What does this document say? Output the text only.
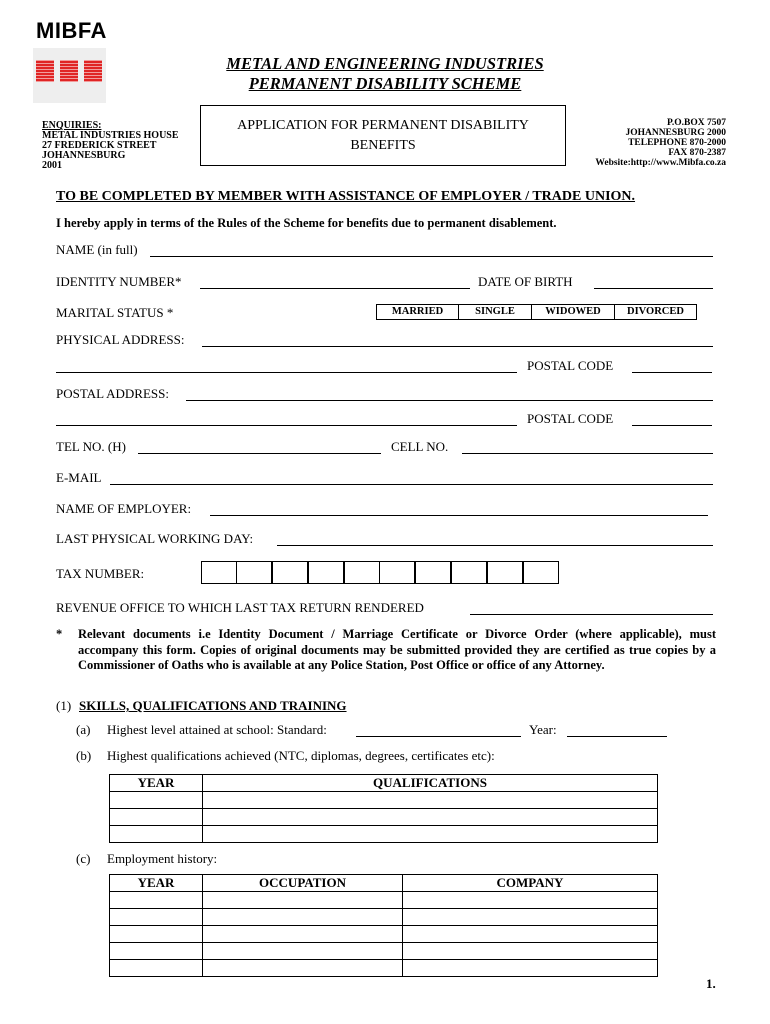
MIBFA
METAL AND ENGINEERING INDUSTRIES
PERMANENT DISABILITY SCHEME
ENQUIRIES:
METAL INDUSTRIES HOUSE
27 FREDERICK STREET
JOHANNESBURG
2001
APPLICATION FOR PERMANENT DISABILITY
BENEFITS
P.O.BOX 7507
JOHANNESBURG 2000
TELEPHONE 870-2000
FAX 870-2387
Website:http://www.Mibfa.co.za
TO BE COMPLETED BY MEMBER WITH ASSISTANCE OF EMPLOYER / TRADE UNION.
I hereby apply in terms of the Rules of the Scheme for benefits due to permanent disablement.
NAME (in full)
IDENTITY NUMBER*	DATE OF BIRTH
MARITAL STATUS *	MARRIED	SINGLE	WIDOWED	DIVORCED
PHYSICAL ADDRESS:
POSTAL CODE
POSTAL ADDRESS:
POSTAL CODE
TEL NO. (H)	CELL NO.
E-MAIL
NAME OF EMPLOYER:
LAST PHYSICAL WORKING DAY:
TAX NUMBER:
REVENUE OFFICE TO WHICH LAST TAX RETURN RENDERED
* Relevant documents i.e Identity Document / Marriage Certificate or Divorce Order (where applicable), must accompany this form. Copies of original documents may be submitted provided they are certified as true copies by a Commissioner of Oaths who is available at any Police Station, Post Office or office of any Attorney.
(1) SKILLS, QUALIFICATIONS AND TRAINING
(a) Highest level attained at school: Standard:	Year:
(b) Highest qualifications achieved (NTC, diplomas, degrees, certificates etc):
YEAR	QUALIFICATIONS

(c) Employment history:
YEAR	OCCUPATION	COMPANY

1.
